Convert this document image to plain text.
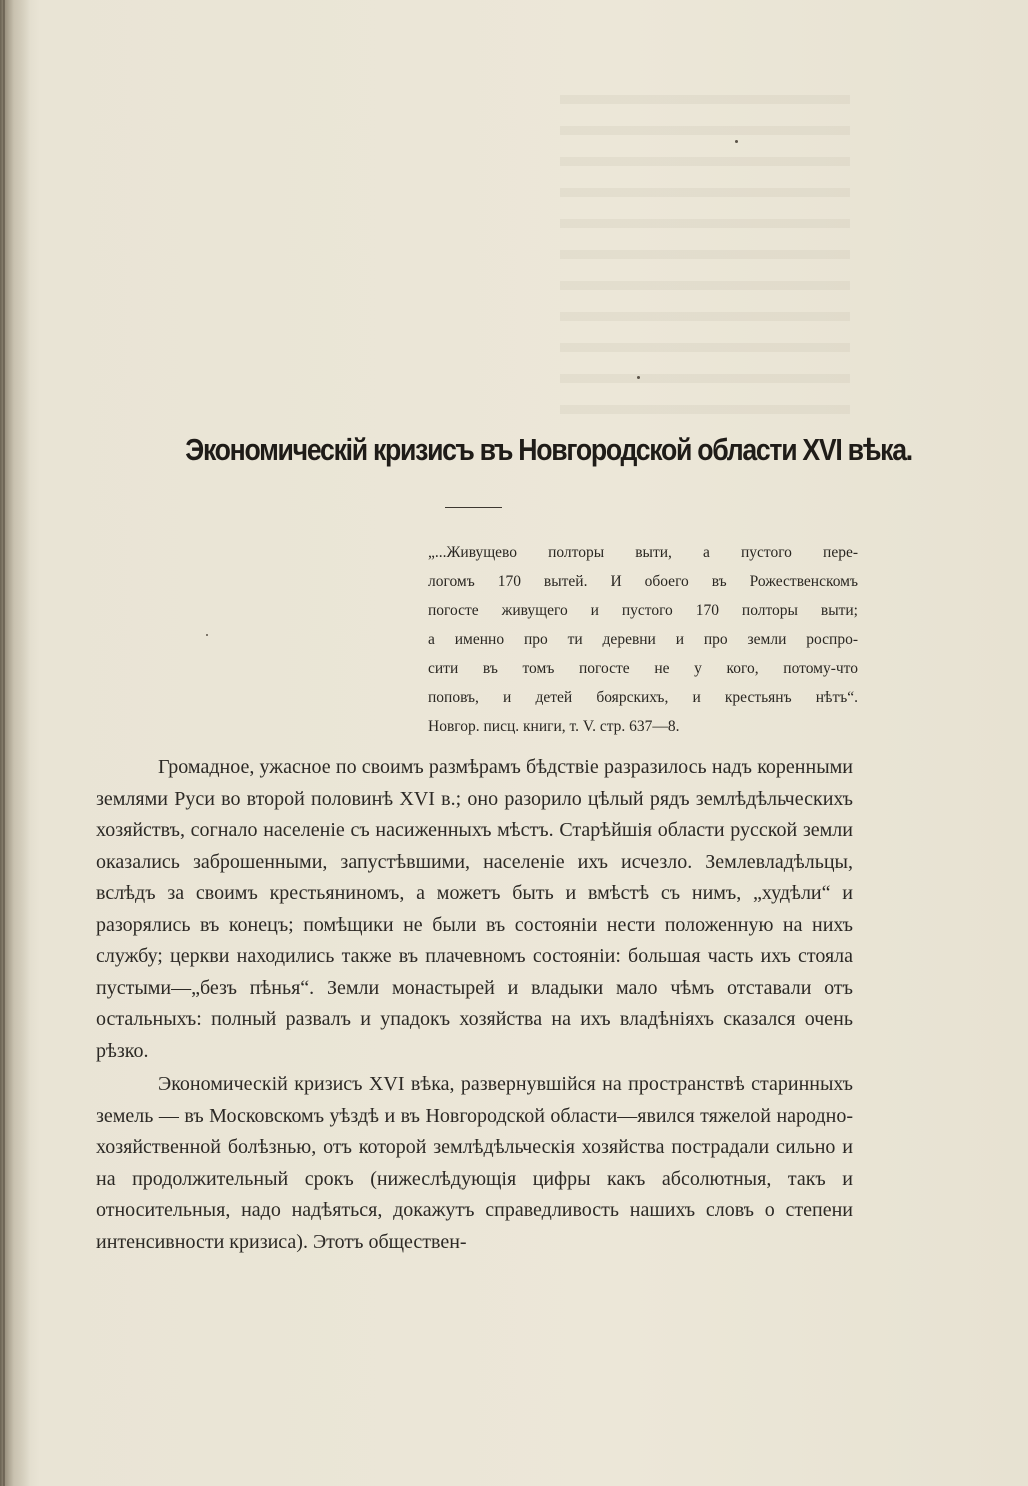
Экономическій кризисъ въ Новгородской области XVI вѣка.
„...Живущево полторы выти, а пустого пере-
логомъ 170 вытей. И обоего въ Рожественскомъ
погосте живущего и пустого 170 полторы выти;
а именно про ти деревни и про земли роспро-
сити въ томъ погосте не у кого, потому-что
поповъ, и детей боярскихъ, и крестьянъ нѣтъ“.
Новгор. писц. книги, т. V. стр. 637—8.

Громадное, ужасное по своимъ размѣрамъ бѣдствіе разразилось надъ коренными землями Руси во второй половинѣ XVI в.; оно разорило цѣлый рядъ землѣдѣльческихъ хозяйствъ, согнало населеніе съ насиженныхъ мѣстъ. Старѣйшія области русской земли оказались заброшенными, запустѣвшими, населеніе ихъ исчезло. Землевладѣльцы, вслѣдъ за своимъ крестьяниномъ, а можетъ быть и вмѣстѣ съ нимъ, „худѣли“ и разорялись въ конецъ; помѣщики не были въ состояніи нести положенную на нихъ службу; церкви находились также въ плачевномъ состояніи: большая часть ихъ стояла пустыми—„безъ пѣнья“. Земли монастырей и владыки мало чѣмъ отставали отъ остальныхъ: полный развалъ и упадокъ хозяйства на ихъ владѣніяхъ сказался очень рѣзко.

Экономическій кризисъ XVI вѣка, развернувшійся на пространствѣ старинныхъ земель — въ Московскомъ уѣздѣ и въ Новгородской области—явился тяжелой народно-хозяйственной болѣзнью, отъ которой землѣдѣльческія хозяйства пострадали сильно и на продолжительный срокъ (нижеслѣдующія цифры какъ абсолютныя, такъ и относительныя, надо надѣяться, докажутъ справедливость нашихъ словъ о степени интенсивности кризиса). Этотъ обществен-
